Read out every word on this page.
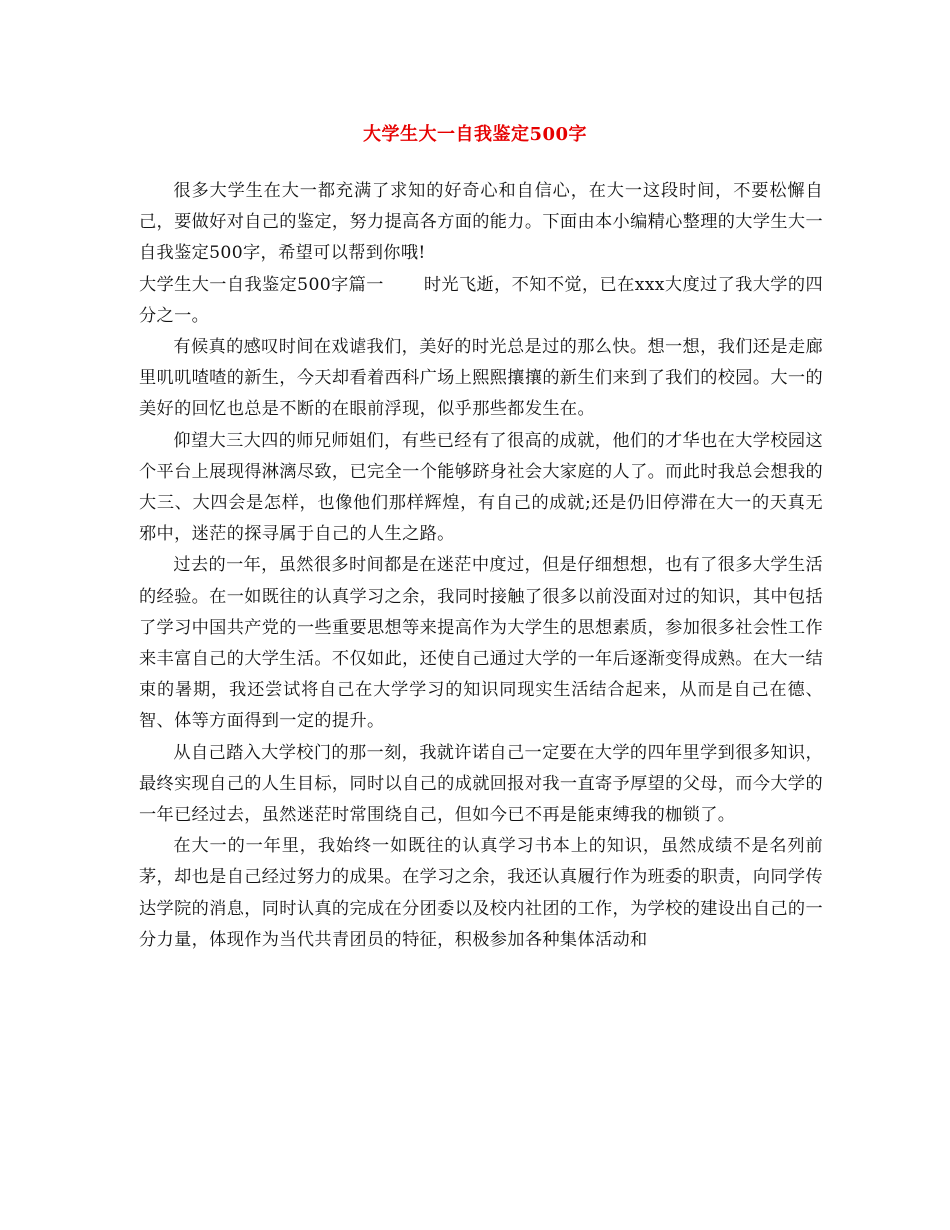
大学生大一自我鉴定500字

很多大学生在大一都充满了求知的好奇心和自信心，在大一这段时间，不要松懈自己，要做好对自己的鉴定，努力提高各方面的能力。下面由本小编精心整理的大学生大一自我鉴定500字，希望可以帮到你哦!

大学生大一自我鉴定500字篇一 时光飞逝，不知不觉，已在xxx大度过了我大学的四分之一。

有候真的感叹时间在戏谑我们，美好的时光总是过的那么快。想一想，我们还是走廊里叽叽喳喳的新生，今天却看着西科广场上熙熙攘攘的新生们来到了我们的校园。大一的美好的回忆也总是不断的在眼前浮现，似乎那些都发生在。

仰望大三大四的师兄师姐们，有些已经有了很高的成就，他们的才华也在大学校园这个平台上展现得淋漓尽致，已完全一个能够跻身社会大家庭的人了。而此时我总会想我的大三、大四会是怎样，也像他们那样辉煌，有自己的成就;还是仍旧停滞在大一的天真无邪中，迷茫的探寻属于自己的人生之路。

过去的一年，虽然很多时间都是在迷茫中度过，但是仔细想想，也有了很多大学生活的经验。在一如既往的认真学习之余，我同时接触了很多以前没面对过的知识，其中包括了学习中国共产党的一些重要思想等来提高作为大学生的思想素质，参加很多社会性工作来丰富自己的大学生活。不仅如此，还使自己通过大学的一年后逐渐变得成熟。在大一结束的暑期，我还尝试将自己在大学学习的知识同现实生活结合起来，从而是自己在德、智、体等方面得到一定的提升。

从自己踏入大学校门的那一刻，我就许诺自己一定要在大学的四年里学到很多知识，最终实现自己的人生目标，同时以自己的成就回报对我一直寄予厚望的父母，而今大学的一年已经过去，虽然迷茫时常围绕自己，但如今已不再是能束缚我的枷锁了。

在大一的一年里，我始终一如既往的认真学习书本上的知识，虽然成绩不是名列前茅，却也是自己经过努力的成果。在学习之余，我还认真履行作为班委的职责，向同学传达学院的消息，同时认真的完成在分团委以及校内社团的工作，为学校的建设出自己的一分力量，体现作为当代共青团员的特征，积极参加各种集体活动和
